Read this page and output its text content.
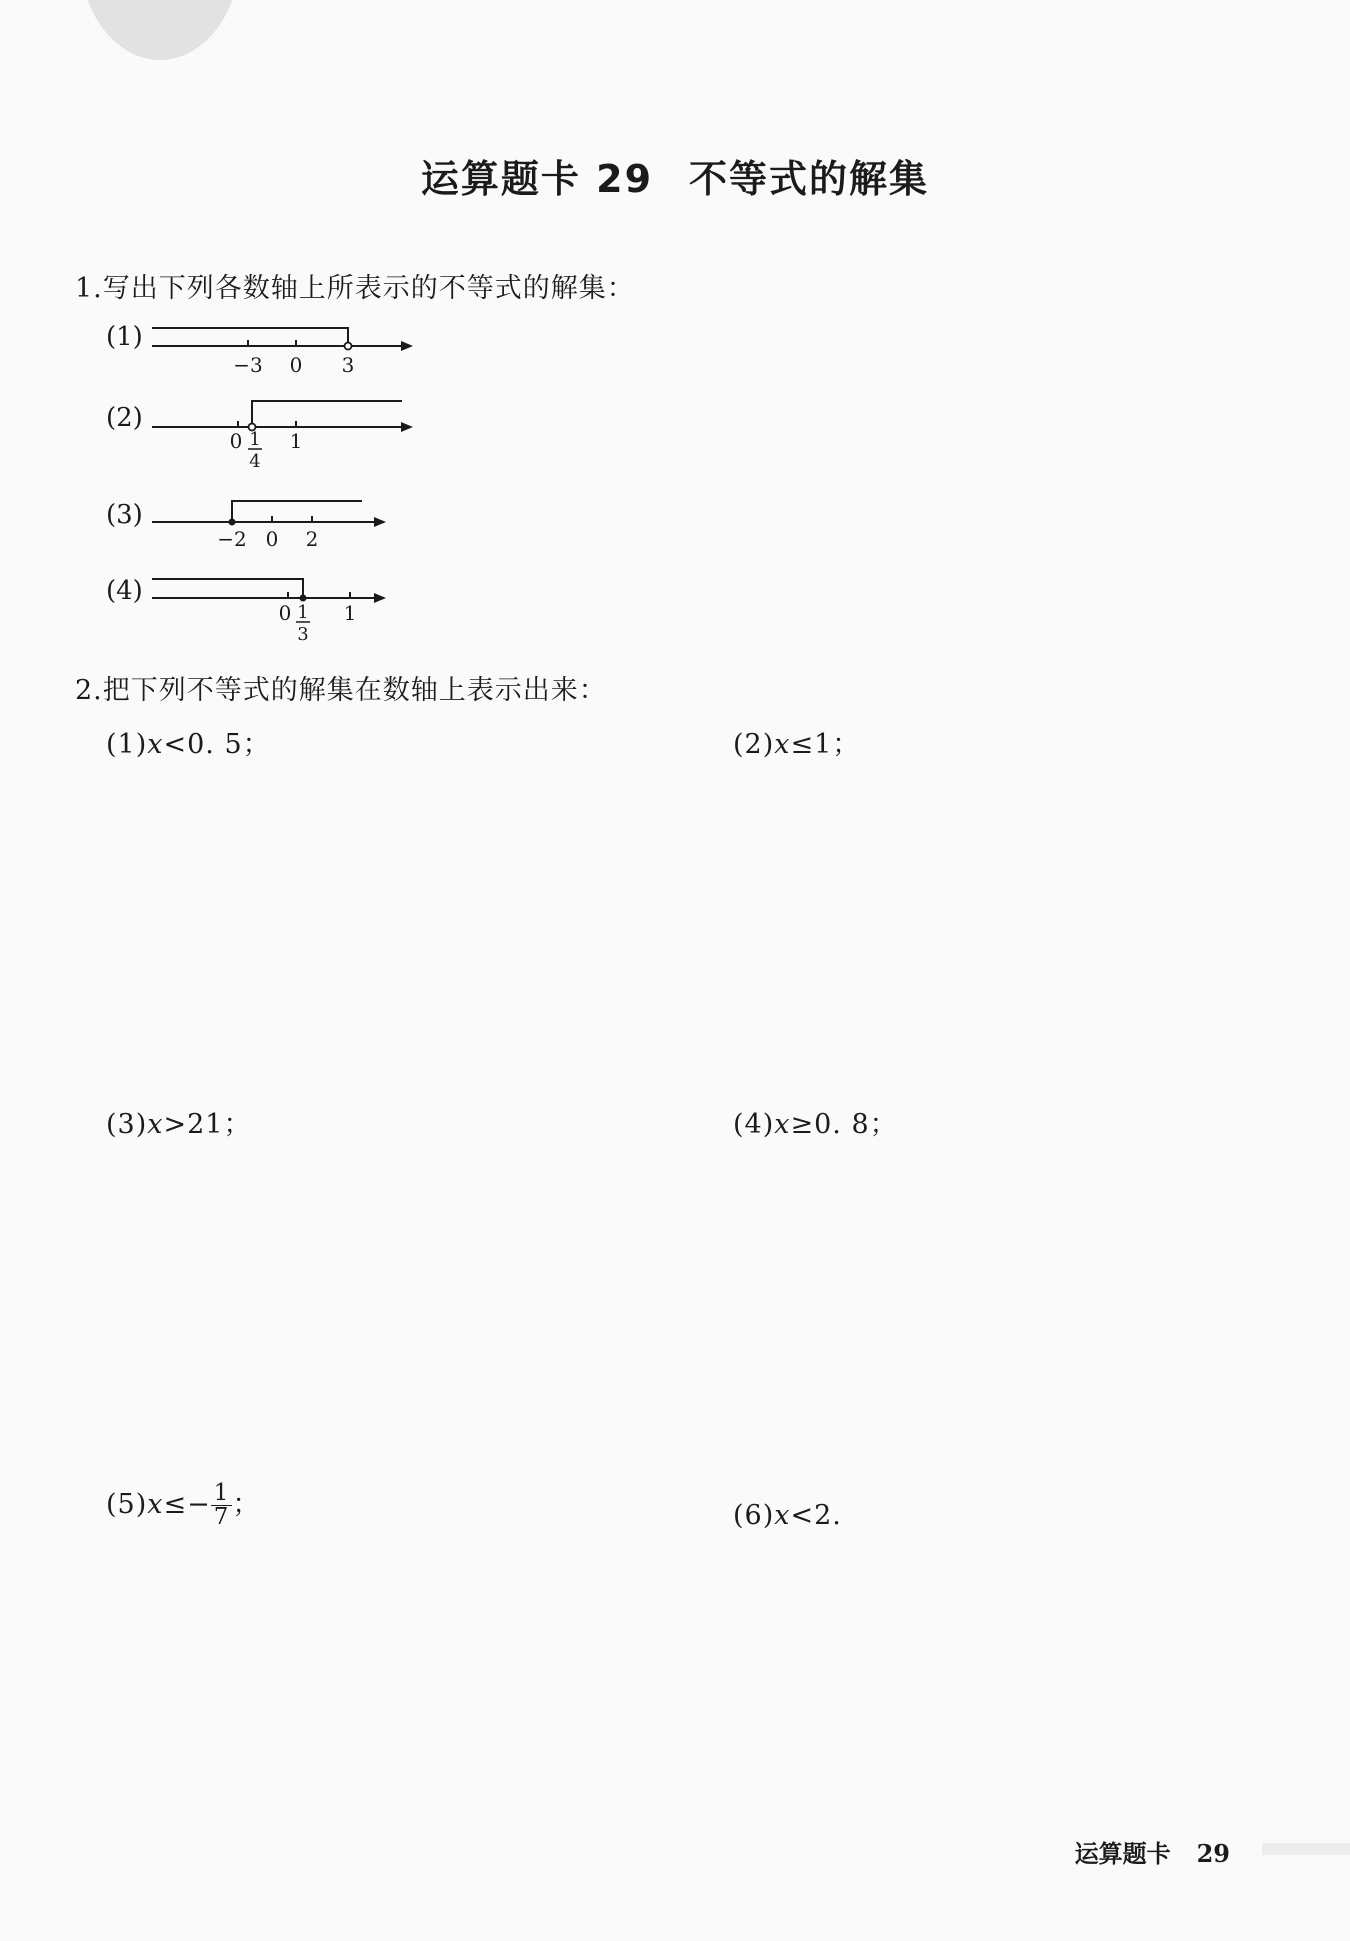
运算题卡 29 不等式的解集
1.写出下列各数轴上所表示的不等式的解集：
(1)
−3 0 3
(2)
0 1
4
1
(3)
−2 0 2
(4)
0 1
3
1
2.把下列不等式的解集在数轴上表示出来：
(1)x<0. 5；	(2)x≤1；
(3)x>21；	(4)x≥0. 8；
$(5)x\le- \frac{1}{7}$ ；	(6)x<2.
运算题卡 29
